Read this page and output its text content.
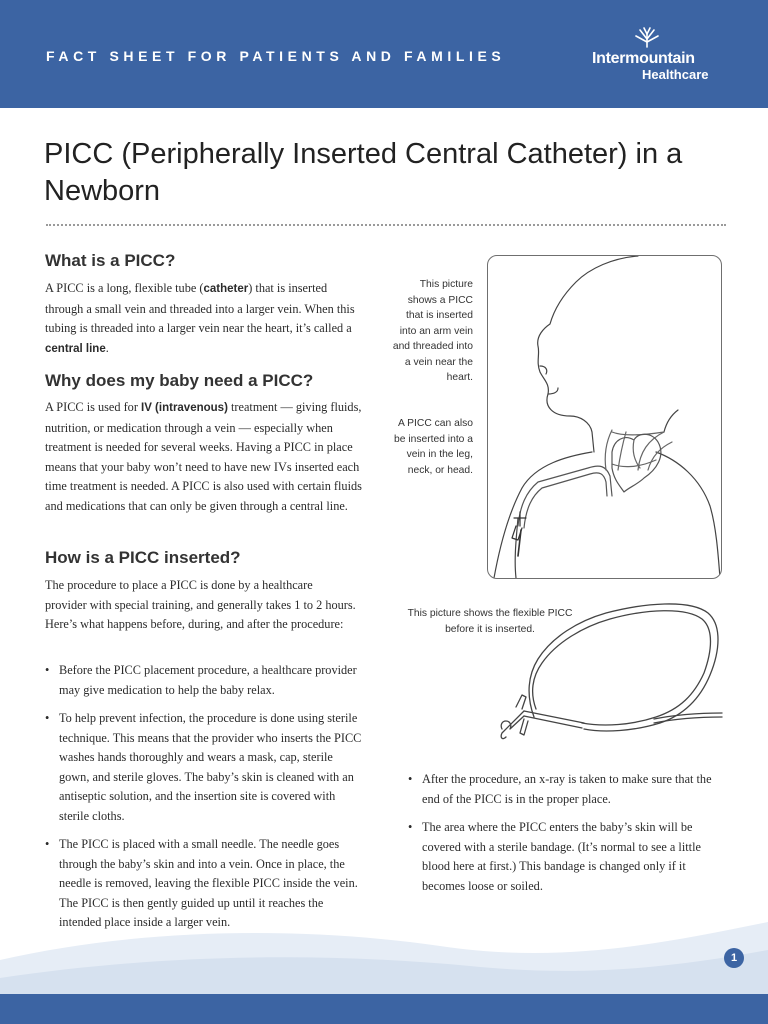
FACT SHEET FOR PATIENTS AND FAMILIES	Intermountain
Healthcare
PICC (Peripherally Inserted Central Catheter) in a Newborn
What is a PICC?

A PICC is a long, flexible tube (catheter) that is inserted through a small vein and threaded into a larger vein. When this tubing is threaded into a larger vein near the heart, it’s called a central line.

Why does my baby need a PICC?

A PICC is used for IV (intravenous) treatment — giving fluids, nutrition, or medication through a vein — especially when treatment is needed for several weeks. Having a PICC in place means that your baby won’t need to have new IVs inserted each time treatment is needed. A PICC is also used with certain fluids and medications that can only be given through a central line.

How is a PICC inserted?

The procedure to place a PICC is done by a healthcare provider with special training, and generally takes 1 to 2 hours. Here’s what happens before, during, and after the procedure:

• Before the PICC placement procedure, a healthcare provider may give medication to help the baby relax.
• To help prevent infection, the procedure is done using sterile technique. This means that the provider who inserts the PICC washes hands thoroughly and wears a mask, cap, sterile gown, and sterile gloves. The baby’s skin is cleaned with an antiseptic solution, and the insertion site is covered with sterile cloths.
• The PICC is placed with a small needle. The needle goes through the baby’s skin and into a vein. Once in place, the needle is removed, leaving the flexible PICC inside the vein. The PICC is then gently guided up until it reaches the intended place inside a larger vein.

This picture shows a PICC that is inserted into an arm vein and threaded into a vein near the heart.

A PICC can also be inserted into a vein in the leg, neck, or head.

This picture shows the flexible PICC before it is inserted.

• After the procedure, an x-ray is taken to make sure that the end of the PICC is in the proper place.
• The area where the PICC enters the baby’s skin will be covered with a sterile bandage. (It’s normal to see a little blood here at first.) This bandage is changed only if it becomes loose or soiled.
1
